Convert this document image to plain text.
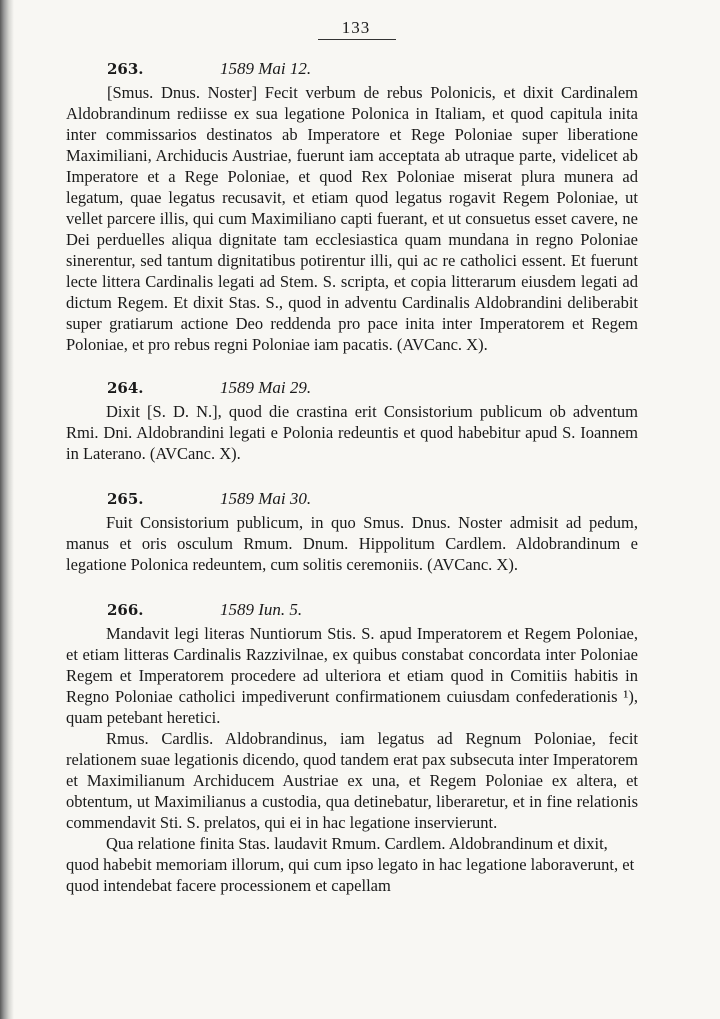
133
263.	1589 Mai 12.

[Smus. Dnus. Noster] Fecit verbum de rebus Polonicis, et dixit Cardinalem Aldobrandinum rediisse ex sua legatione Polonica in Italiam, et quod capitula inita inter commissarios destinatos ab Imperatore et Rege Poloniae super liberatione Maximiliani, Archiducis Austriae, fuerunt iam acceptata ab utraque parte, videlicet ab Imperatore et a Rege Poloniae, et quod Rex Poloniae miserat plura munera ad legatum, quae legatus recusavit, et etiam quod legatus rogavit Regem Poloniae, ut vellet parcere illis, qui cum Maximiliano capti fuerant, et ut consuetus esset cavere, ne Dei perduelles aliqua dignitate tam ecclesiastica quam mundana in regno Poloniae sinerentur, sed tantum dignitatibus potirentur illi, qui ac re catholici essent. Et fuerunt lecte littera Cardinalis legati ad Stem. S. scripta, et copia litterarum eiusdem legati ad dictum Regem. Et dixit Stas. S., quod in adventu Cardinalis Aldobrandini deliberabit super gratiarum actione Deo reddenda pro pace inita inter Imperatorem et Regem Poloniae, et pro rebus regni Poloniae iam pacatis. (AVCanc. X).

264.	1589 Mai 29.

Dixit [S. D. N.], quod die crastina erit Consistorium publicum ob adventum Rmi. Dni. Aldobrandini legati e Polonia redeuntis et quod habebitur apud S. Ioannem in Laterano. (AVCanc. X).

265.	1589 Mai 30.

Fuit Consistorium publicum, in quo Smus. Dnus. Noster admisit ad pedum, manus et oris osculum Rmum. Dnum. Hippolitum Cardlem. Aldobrandinum e legatione Polonica redeuntem, cum solitis ceremoniis. (AVCanc. X).

266.	1589 Iun. 5.

Mandavit legi literas Nuntiorum Stis. S. apud Imperatorem et Regem Poloniae, et etiam litteras Cardinalis Razzivilnae, ex quibus constabat concordata inter Poloniae Regem et Imperatorem procedere ad ulteriora et etiam quod in Comitiis habitis in Regno Poloniae catholici impediverunt confirmationem cuiusdam confederationis ¹), quam petebant heretici.

Rmus. Cardlis. Aldobrandinus, iam legatus ad Regnum Poloniae, fecit relationem suae legationis dicendo, quod tandem erat pax subsecuta inter Imperatorem et Maximilianum Archiducem Austriae ex una, et Regem Poloniae ex altera, et obtentum, ut Maximilianus a custodia, qua detinebatur, liberaretur, et in fine relationis commendavit Sti. S. prelatos, qui ei in hac legatione inservierunt.

Qua relatione finita Stas. laudavit Rmum. Cardlem. Aldobrandinum et dixit, quod habebit memoriam illorum, qui cum ipso legato in hac legatione laboraverunt, et quod intendebat facere processionem et capellam
